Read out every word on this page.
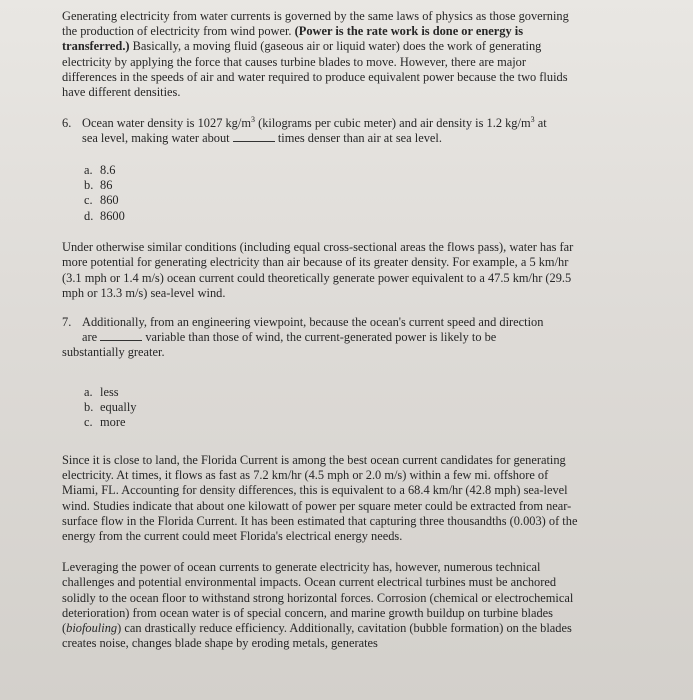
Generating electricity from water currents is governed by the same laws of physics as those governing the production of electricity from wind power. (Power is the rate work is done or energy is transferred.) Basically, a moving fluid (gaseous air or liquid water) does the work of generating electricity by applying the force that causes turbine blades to move. However, there are major differences in the speeds of air and water required to produce equivalent power because the two fluids have different densities.

6. Ocean water density is 1027 $kg/m^3$ (kilograms per cubic meter) and air density is 1.2 $kg/m^3$ at
sea level, making water about	times denser than air at sea level.
a. 8.6
b. 86
c. 860
d. 8600

Under otherwise similar conditions (including equal cross-sectional areas the flows pass), water has far more potential for generating electricity than air because of its greater density. For example, a 5 km/hr (3.1 mph or 1.4 m/s) ocean current could theoretically generate power equivalent to a 47.5 km/hr (29.5 mph or 13.3 m/s) sea-level wind.

7. Additionally, from an engineering viewpoint, because the ocean's current speed and direction
are	variable than those of wind, the current-generated power is likely to be
substantially greater.
a. less
b. equally
c. more

Since it is close to land, the Florida Current is among the best ocean current candidates for generating electricity. At times, it flows as fast as 7.2 km/hr (4.5 mph or 2.0 m/s) within a few mi. offshore of Miami, FL. Accounting for density differences, this is equivalent to a 68.4 km/hr (42.8 mph) sea-level wind. Studies indicate that about one kilowatt of power per square meter could be extracted from near-surface flow in the Florida Current. It has been estimated that capturing three thousandths (0.003) of the energy from the current could meet Florida's electrical energy needs.

Leveraging the power of ocean currents to generate electricity has, however, numerous technical challenges and potential environmental impacts. Ocean current electrical turbines must be anchored solidly to the ocean floor to withstand strong horizontal forces. Corrosion (chemical or electrochemical deterioration) from ocean water is of special concern, and marine growth buildup on turbine blades (biofouling) can drastically reduce efficiency. Additionally, cavitation (bubble formation) on the blades creates noise, changes blade shape by eroding metals, generates
